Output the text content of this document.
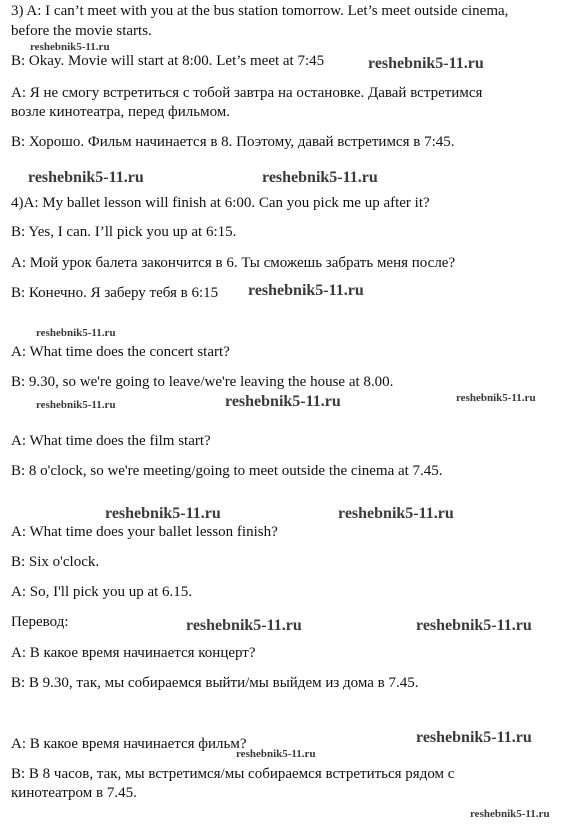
3) A: I can’t meet with you at the bus station tomorrow. Let’s meet outside cinema,
before the movie starts.
B: Okay. Movie will start at 8:00. Let’s meet at 7:45
A: Я не смогу встретиться с тобой завтра на остановке. Давай встретимся
возле кинотеатра, перед фильмом.
B: Хорошо. Фильм начинается в 8. Поэтому, давай встретимся в 7:45.
4)A: My ballet lesson will finish at 6:00. Can you pick me up after it?
B: Yes, I can. I’ll pick you up at 6:15.
A: Мой урок балета закончится в 6. Ты сможешь забрать меня после?
B: Конечно. Я заберу тебя в 6:15
A: What time does the concert start?
B: 9.30, so we're going to leave/we're leaving the house at 8.00.
A: What time does the film start?
B: 8 o'clock, so we're meeting/going to meet outside the cinema at 7.45.
A: What time does your ballet lesson finish?
B: Six o'clock.
A: So, I'll pick you up at 6.15.
Перевод:
A: В какое время начинается концерт?
B: В 9.30, так, мы собираемся выйти/мы выйдем из дома в 7.45.
A: В какое время начинается фильм?
B: В 8 часов, так, мы встретимся/мы собираемся встретиться рядом с
кинотеатром в 7.45.
reshebnik5-11.ru
reshebnik5-11.ru
reshebnik5-11.ru	reshebnik5-11.ru
reshebnik5-11.ru
reshebnik5-11.ru
reshebnik5-11.ru	reshebnik5-11.ru	reshebnik5-11.ru
reshebnik5-11.ru	reshebnik5-11.ru
reshebnik5-11.ru	reshebnik5-11.ru
reshebnik5-11.ru
reshebnik5-11.ru
reshebnik5-11.ru
